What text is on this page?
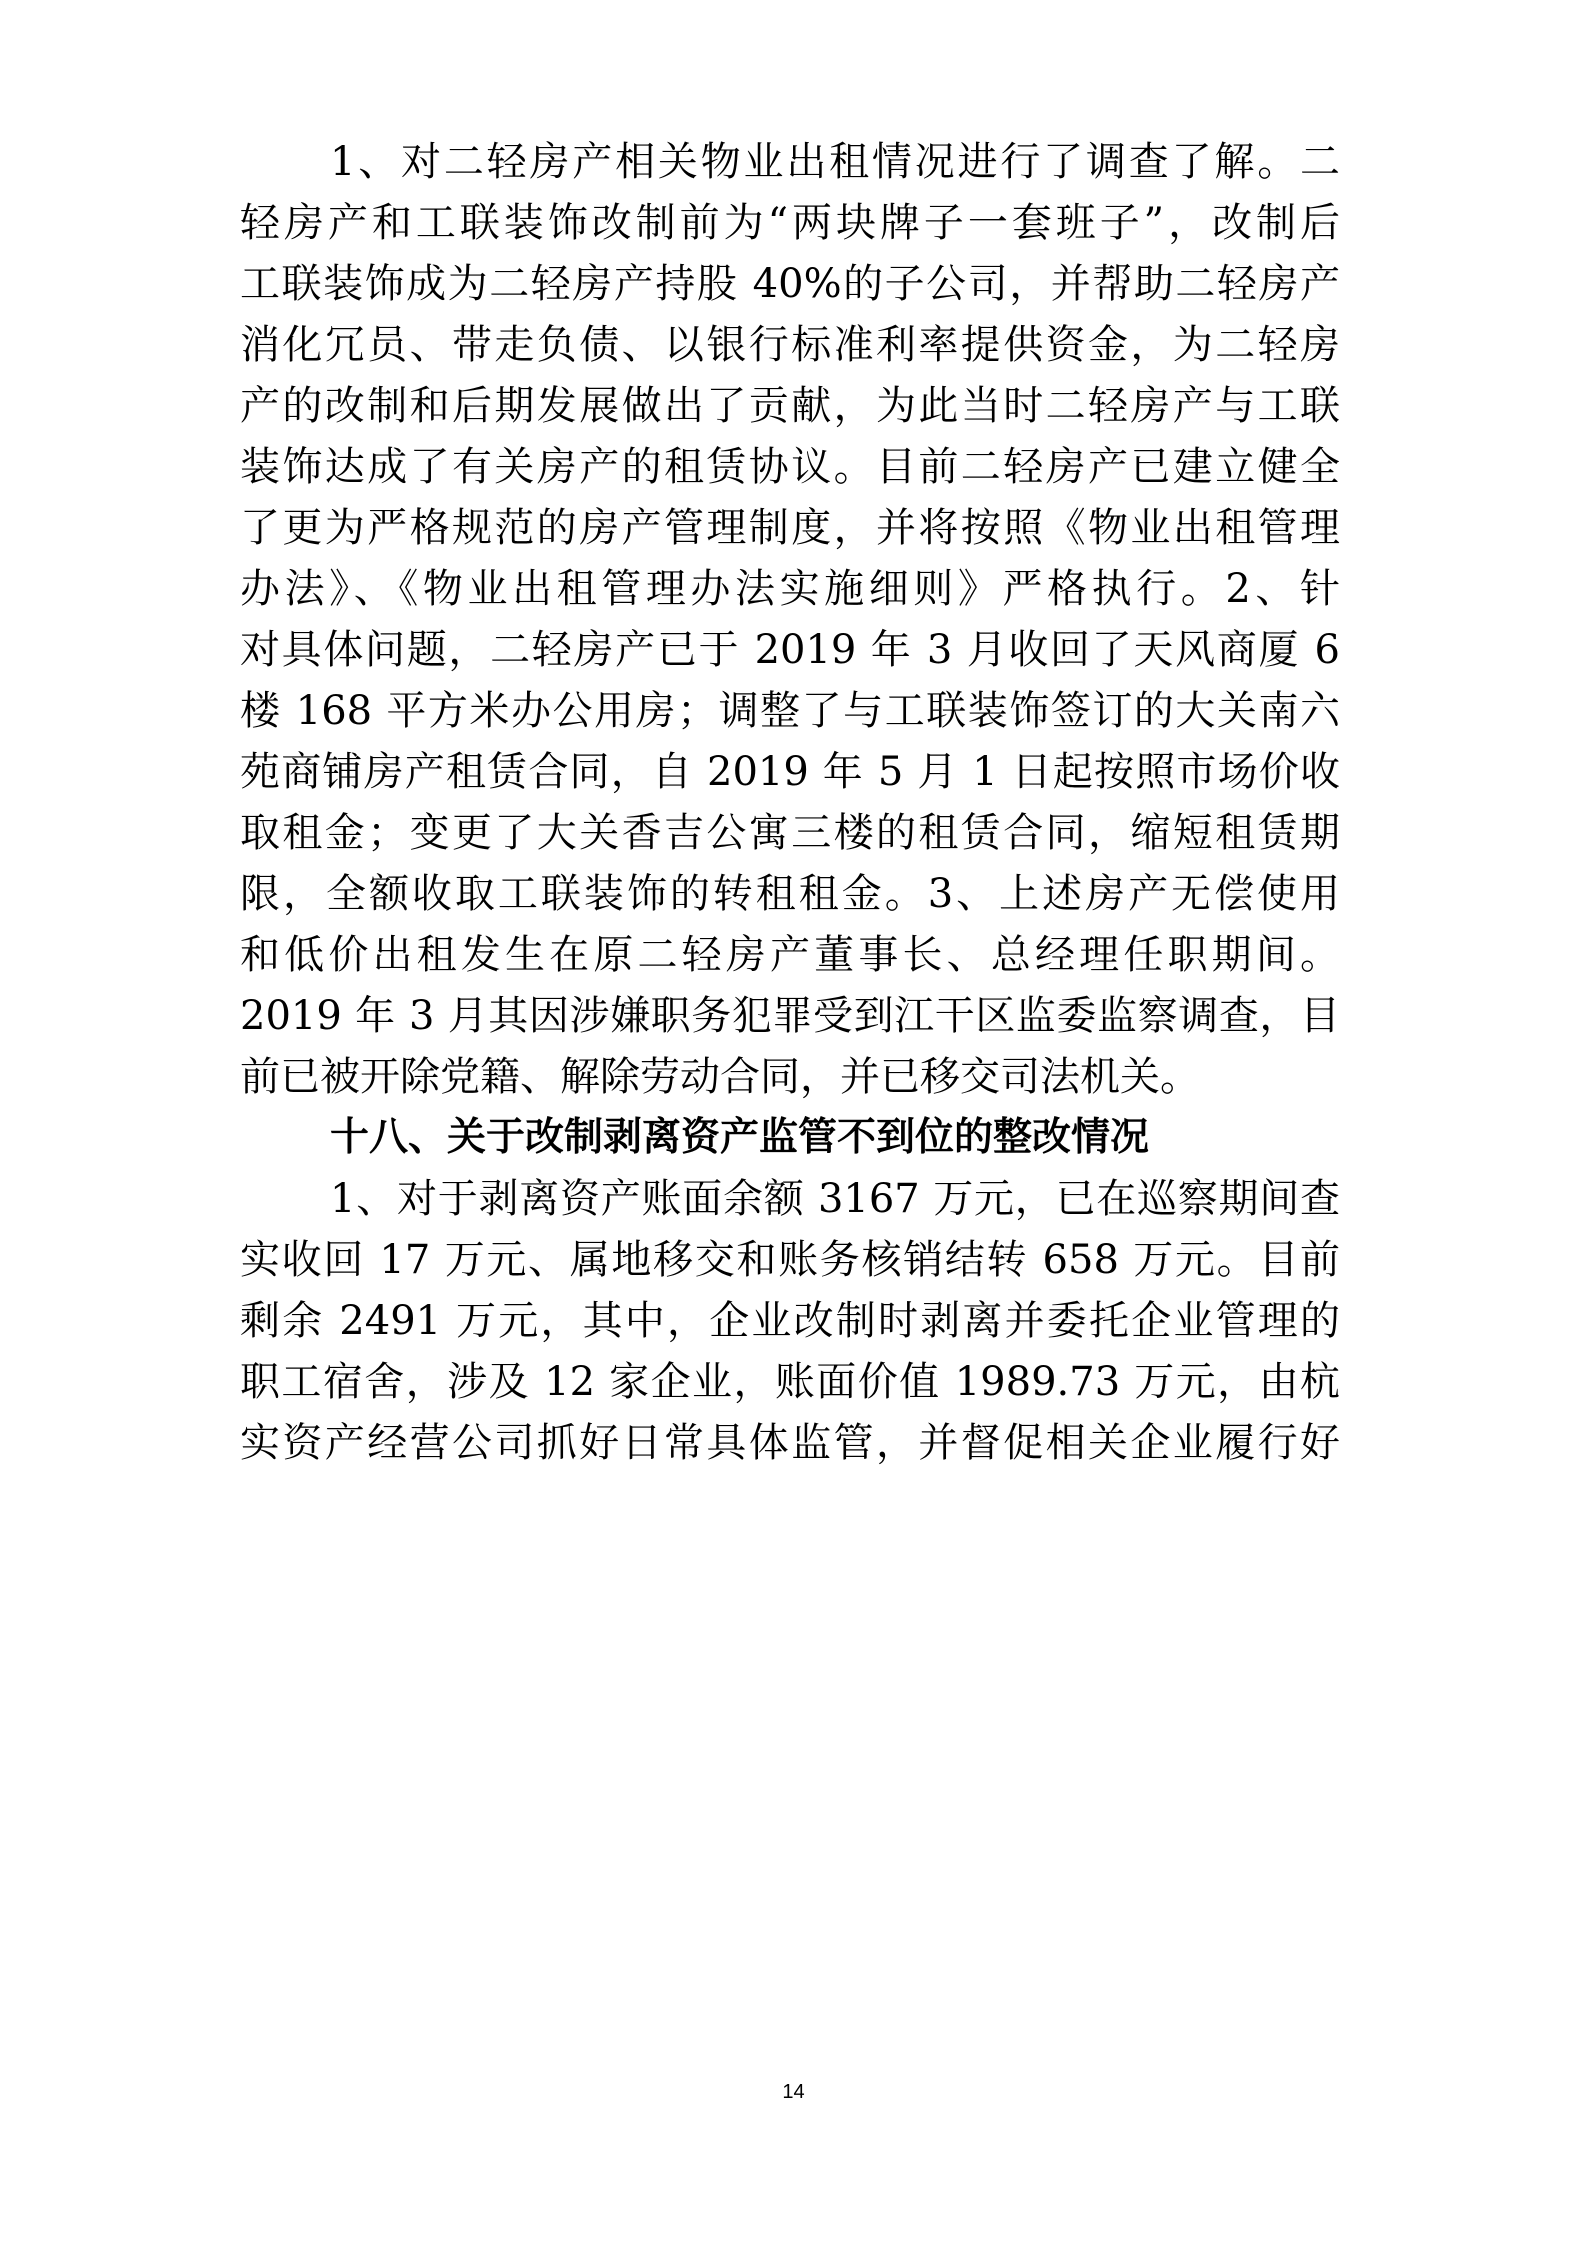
1、对二轻房产相关物业出租情况进行了调查了解。二
轻房产和工联装饰改制前为“两块牌子一套班子”，改制后
工联装饰成为二轻房产持股 40%的子公司，并帮助二轻房产
消化冗员、带走负债、以银行标准利率提供资金，为二轻房
产的改制和后期发展做出了贡献，为此当时二轻房产与工联
装饰达成了有关房产的租赁协议。目前二轻房产已建立健全
了更为严格规范的房产管理制度，并将按照《物业出租管理
办法》、《物业出租管理办法实施细则》严格执行。2、针
对具体问题，二轻房产已于 2019 年 3 月收回了天风商厦 6
楼 168 平方米办公用房；调整了与工联装饰签订的大关南六
苑商铺房产租赁合同，自 2019 年 5 月 1 日起按照市场价收
取租金；变更了大关香吉公寓三楼的租赁合同，缩短租赁期
限，全额收取工联装饰的转租租金。3、上述房产无偿使用
和低价出租发生在原二轻房产董事长、总经理任职期间。
2019 年 3 月其因涉嫌职务犯罪受到江干区监委监察调查，目
前已被开除党籍、解除劳动合同，并已移交司法机关。
十八、关于改制剥离资产监管不到位的整改情况
1、对于剥离资产账面余额 3167 万元，已在巡察期间查
实收回 17 万元、属地移交和账务核销结转 658 万元。目前
剩余 2491 万元，其中，企业改制时剥离并委托企业管理的
职工宿舍，涉及 12 家企业，账面价值 1989.73 万元，由杭
实资产经营公司抓好日常具体监管，并督促相关企业履行好
14
